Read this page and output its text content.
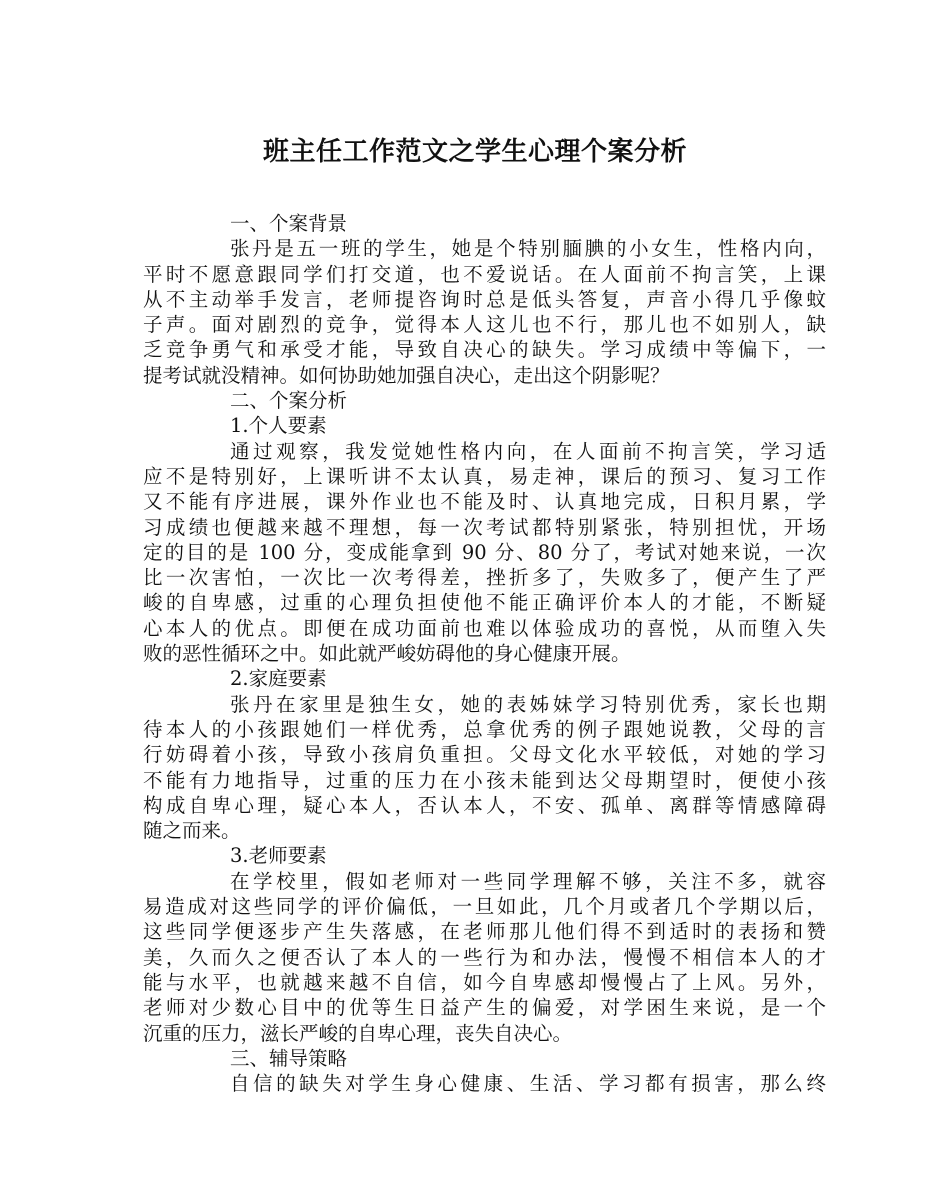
班主任工作范文之学生心理个案分析
一、个案背景
张丹是五一班的学生，她是个特别腼腆的小女生，性格内向，
平时不愿意跟同学们打交道，也不爱说话。在人面前不拘言笑，上课
从不主动举手发言，老师提咨询时总是低头答复，声音小得几乎像蚊
子声。面对剧烈的竞争，觉得本人这儿也不行，那儿也不如别人，缺
乏竞争勇气和承受才能，导致自决心的缺失。学习成绩中等偏下，一
提考试就没精神。如何协助她加强自决心，走出这个阴影呢？
二、个案分析
1.个人要素
通过观察，我发觉她性格内向，在人面前不拘言笑，学习适
应不是特别好，上课听讲不太认真，易走神，课后的预习、复习工作
又不能有序进展，课外作业也不能及时、认真地完成，日积月累，学
习成绩也便越来越不理想，每一次考试都特别紧张，特别担忧，开场
定的目的是 100 分，变成能拿到 90 分、80 分了，考试对她来说，一次
比一次害怕，一次比一次考得差，挫折多了，失败多了，便产生了严
峻的自卑感，过重的心理负担使他不能正确评价本人的才能，不断疑
心本人的优点。即便在成功面前也难以体验成功的喜悦，从而堕入失
败的恶性循环之中。如此就严峻妨碍他的身心健康开展。
2.家庭要素
张丹在家里是独生女，她的表姊妹学习特别优秀，家长也期
待本人的小孩跟她们一样优秀，总拿优秀的例子跟她说教，父母的言
行妨碍着小孩，导致小孩肩负重担。父母文化水平较低，对她的学习
不能有力地指导，过重的压力在小孩未能到达父母期望时，便使小孩
构成自卑心理，疑心本人，否认本人，不安、孤单、离群等情感障碍
随之而来。
3.老师要素
在学校里，假如老师对一些同学理解不够，关注不多，就容
易造成对这些同学的评价偏低，一旦如此，几个月或者几个学期以后，
这些同学便逐步产生失落感，在老师那儿他们得不到适时的表扬和赞
美，久而久之便否认了本人的一些行为和办法，慢慢不相信本人的才
能与水平，也就越来越不自信，如今自卑感却慢慢占了上风。另外，
老师对少数心目中的优等生日益产生的偏爱，对学困生来说，是一个
沉重的压力，滋长严峻的自卑心理，丧失自决心。
三、辅导策略
自信的缺失对学生身心健康、生活、学习都有损害，那么终
